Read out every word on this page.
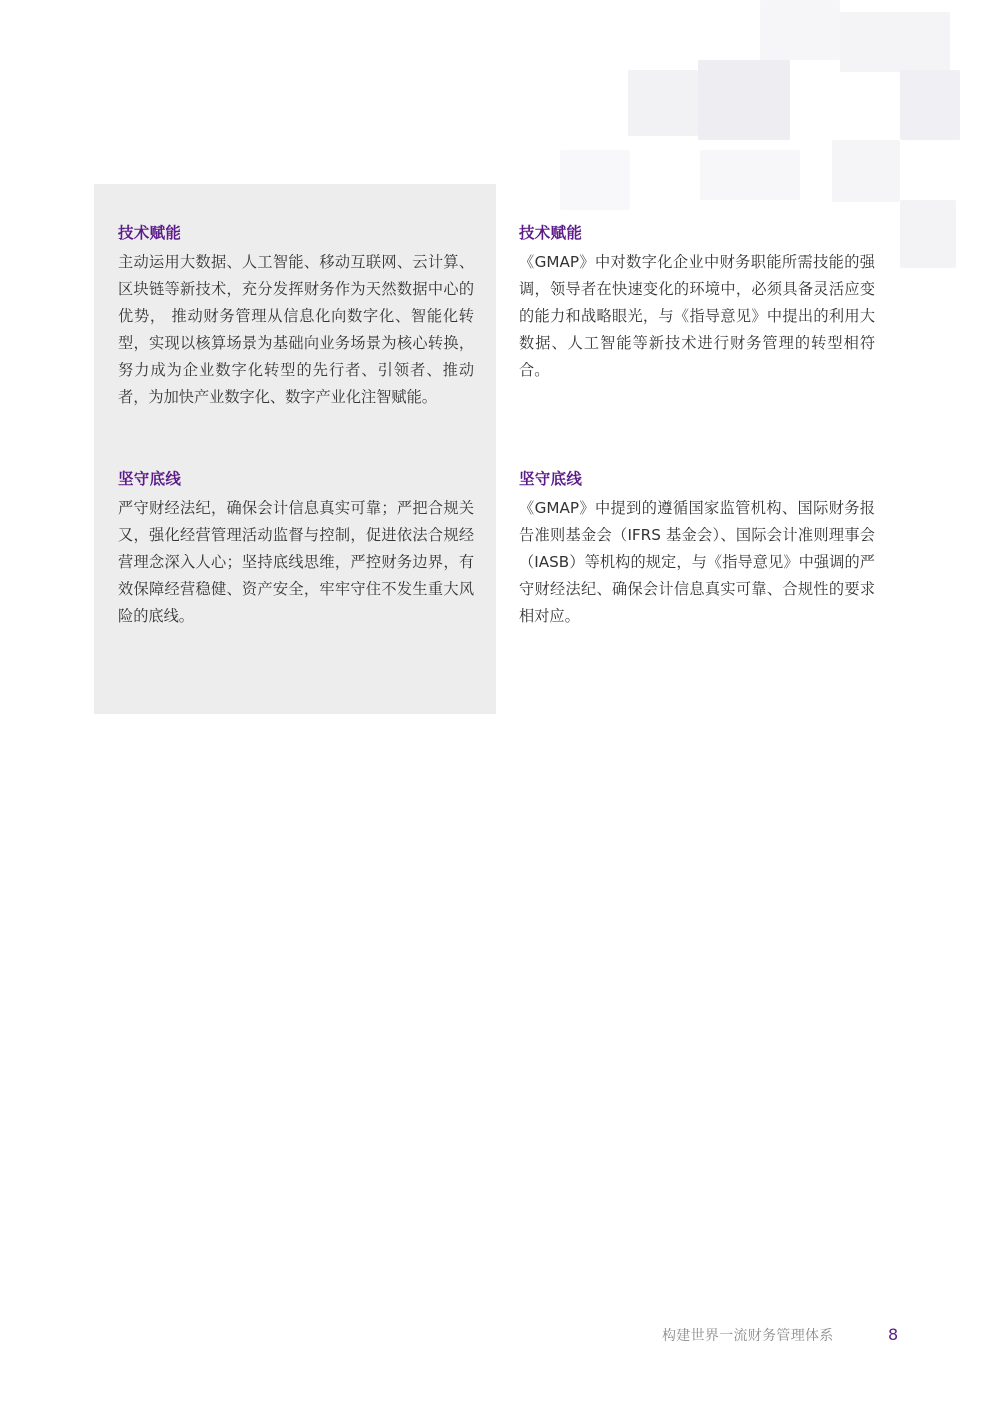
技术赋能

主动运用大数据、人工智能、移动互联网、云计算、区块链等新技术，充分发挥财务作为天然数据中心的优势， 推动财务管理从信息化向数字化、智能化转型，实现以核算场景为基础向业务场景为核心转换，努力成为企业数字化转型的先行者、引领者、推动者，为加快产业数字化、数字产业化注智赋能。

坚守底线

严守财经法纪，确保会计信息真实可靠；严把合规关又，强化经营管理活动监督与控制，促进依法合规经营理念深入人心；坚持底线思维，严控财务边界，有效保障经营稳健、资产安全，牢牢守住不发生重大风险的底线。

技术赋能

《GMAP》中对数字化企业中财务职能所需技能的强调，领导者在快速变化的环境中，必须具备灵活应变的能力和战略眼光，与《指导意见》中提出的利用大数据、人工智能等新技术进行财务管理的转型相符合。

坚守底线

《GMAP》中提到的遵循国家监管机构、国际财务报告准则基金会（IFRS 基金会）、国际会计准则理事会（IASB）等机构的规定，与《指导意见》中强调的严守财经法纪、确保会计信息真实可靠、合规性的要求相对应。

构建世界一流财务管理体系	8
